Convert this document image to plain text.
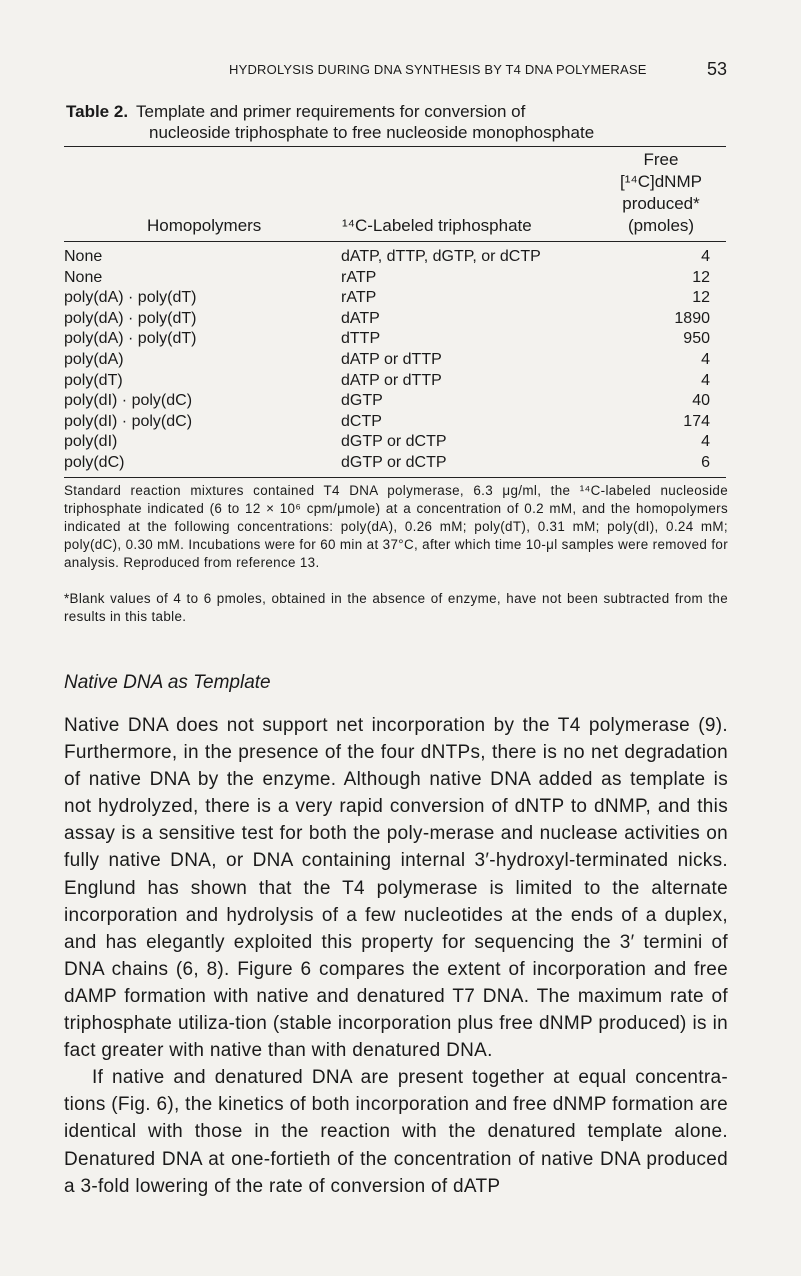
HYDROLYSIS DURING DNA SYNTHESIS BY T4 DNA POLYMERASE	53
Table 2. Template and primer requirements for conversion of
nucleoside triphosphate to free nucleoside monophosphate
Homopolymers	¹⁴C-Labeled triphosphate
Free
[¹⁴C]dNMP
produced*
(pmoles)
None	dATP, dTTP, dGTP, or dCTP	4
None	rATP	12
poly(dA) · poly(dT)	rATP	12
poly(dA) · poly(dT)	dATP	1890
poly(dA) · poly(dT)	dTTP	950
poly(dA)	dATP or dTTP	4
poly(dT)	dATP or dTTP	4
poly(dI) · poly(dC)	dGTP	40
poly(dI) · poly(dC)	dCTP	174
poly(dI)	dGTP or dCTP	4
poly(dC)	dGTP or dCTP	6
Standard reaction mixtures contained T4 DNA polymerase, 6.3 μg/ml, the ¹⁴C-labeled nucleoside triphosphate indicated (6 to 12 × 10⁶ cpm/μmole) at a concentration of 0.2 mM, and the homopolymers indicated at the following concentrations: poly(dA), 0.26 mM; poly(dT), 0.31 mM; poly(dI), 0.24 mM; poly(dC), 0.30 mM. Incubations were for 60 min at 37°C, after which time 10-μl samples were removed for analysis. Reproduced from reference 13.
*Blank values of 4 to 6 pmoles, obtained in the absence of enzyme, have not been subtracted from the results in this table.
Native DNA as Template

Native DNA does not support net incorporation by the T4 polymerase (9). Furthermore, in the presence of the four dNTPs, there is no net degradation of native DNA by the enzyme. Although native DNA added as template is not hydrolyzed, there is a very rapid conversion of dNTP to dNMP, and this assay is a sensitive test for both the poly-merase and nuclease activities on fully native DNA, or DNA containing internal 3′-hydroxyl-terminated nicks. Englund has shown that the T4 polymerase is limited to the alternate incorporation and hydrolysis of a few nucleotides at the ends of a duplex, and has elegantly exploited this property for sequencing the 3′ termini of DNA chains (6, 8). Figure 6 compares the extent of incorporation and free dAMP formation with native and denatured T7 DNA. The maximum rate of triphosphate utiliza-tion (stable incorporation plus free dNMP produced) is in fact greater with native than with denatured DNA.

If native and denatured DNA are present together at equal concentra-tions (Fig. 6), the kinetics of both incorporation and free dNMP formation are identical with those in the reaction with the denatured template alone. Denatured DNA at one-fortieth of the concentration of native DNA produced a 3-fold lowering of the rate of conversion of dATP
